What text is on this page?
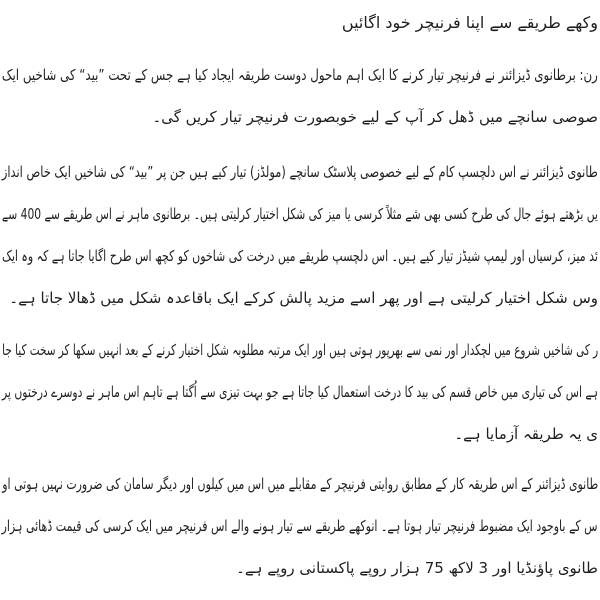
وکھے طریقے سے اپنا فرنیچر خود اگائیں
رن: برطانوی ڈیزائنر نے فرنیچر تیار کرنے کا ایک اہم ماحول دوست طریقہ ایجاد کیا ہے جس کے تحت ”بید“ کی شاخیں ایک
صوصی سانچے میں ڈھل کر آپ کے لیے خوبصورت فرنیچر تیار کریں گی۔
طانوی ڈیزائنر نے اس دلچسپ کام کے لیے خصوصی پلاسٹک سانچے (مولڈز) تیار کیے ہیں جن پر ”بید“ کی شاخیں ایک خاص انداز
یں بڑھتے ہوئے جال کی طرح کسی بھی شے مثلاً کرسی یا میز کی شکل اختیار کرلیتی ہیں۔ برطانوی ماہر نے اس طریقے سے 400 سے
ئد میز، کرسیاں اور لیمپ شیڈز تیار کیے ہیں۔ اس دلچسپ طریقے میں درخت کی شاخوں کو کچھ اس طرح اگایا جاتا ہے کہ وہ ایک
وس شکل اختیار کرلیتی ہے اور پھر اسے مزید پالش کرکے ایک باقاعدہ شکل میں ڈھالا جاتا ہے۔
ر کی شاخیں شروع میں لچکدار اور نمی سے بھرپور ہوتی ہیں اور ایک مرتبہ مطلوبہ شکل اختیار کرنے کے بعد انہیں سکھا کر سخت کیا جا
ہے اس کی تیاری میں خاص قسم کی بید کا درخت استعمال کیا جاتا ہے جو بہت تیزی سے اُگتا ہے تاہم اس ماہر نے دوسرے درختوں پر
ی یہ طریقہ آزمایا ہے۔
طانوی ڈیزائنر کے اس طریقہ کار کے مطابق روایتی فرنیچر کے مقابلے میں اس میں کیلوں اور دیگر سامان کی ضرورت نہیں ہوتی او
س کے باوجود ایک مضبوط فرنیچر تیار ہوتا ہے۔ انوکھے طریقے سے تیار ہونے والے اس فرنیچر میں ایک کرسی کی قیمت ڈھائی ہزار
طانوی پاؤنڈیا اور 3 لاکھ 75 ہزار روپے پاکستانی روپے ہے۔
